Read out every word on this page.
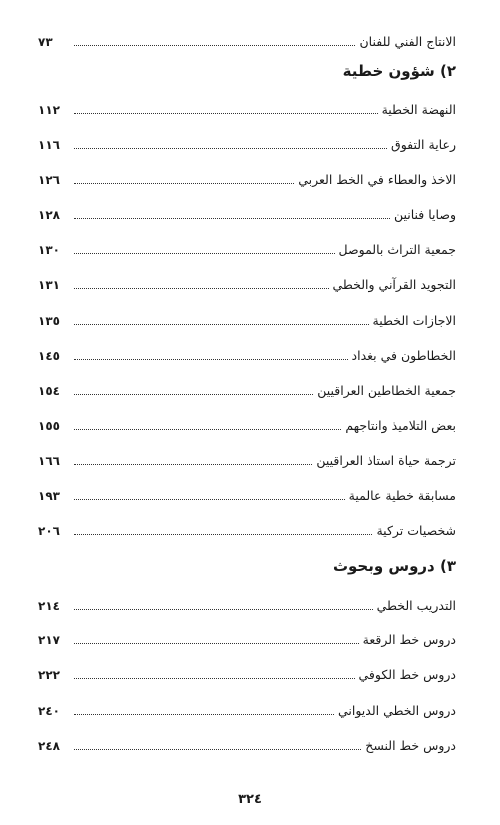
الانتاج الفني للفنان
٧٣
٢) شؤون خطية
النهضة الخطية
١١٢
رعاية التفوق
١١٦
الاخذ والعطاء في الخط العربي
١٢٦
وصايا فنانين
١٢٨
جمعية التراث بالموصل
١٣٠
التجويد القرآني والخطي
١٣١
الاجازات الخطية
١٣٥
الخطاطون في بغداد
١٤٥
جمعية الخطاطين العراقيين
١٥٤
بعض التلاميذ وانتاجهم
١٥٥
ترجمة حياة استاذ العراقيين
١٦٦
مسابقة خطية عالمية
١٩٣
شخصيات تركية
٢٠٦
٣) دروس وبحوث
التدريب الخطي
٢١٤
دروس خط الرقعة
٢١٧
دروس خط الكوفي
٢٢٢
دروس الخطي الديواني
٢٤٠
دروس خط النسخ
٢٤٨
٣٢٤
